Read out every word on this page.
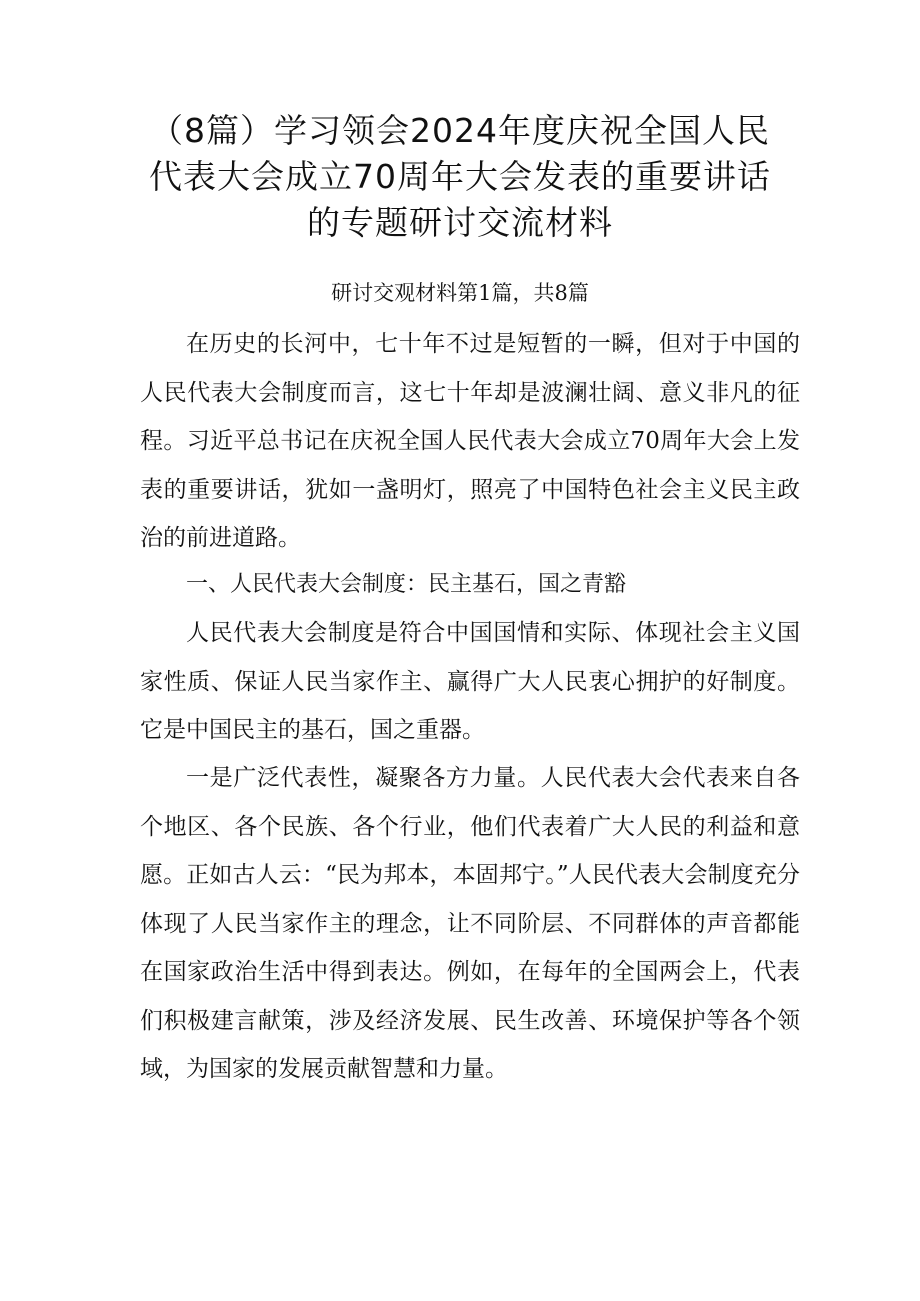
（8篇）学习领会2024年度庆祝全国人民
代表大会成立70周年大会发表的重要讲话
的专题研讨交流材料
研讨交观材料第1篇，共8篇

在历史的长河中，七十年不过是短暂的一瞬，但对于中国的人民代表大会制度而言，这七十年却是波澜壮阔、意义非凡的征程。习近平总书记在庆祝全国人民代表大会成立70周年大会上发表的重要讲话，犹如一盏明灯，照亮了中国特色社会主义民主政治的前进道路。

一、人民代表大会制度：民主基石，国之青豁

人民代表大会制度是符合中国国情和实际、体现社会主义国家性质、保证人民当家作主、赢得广大人民衷心拥护的好制度。它是中国民主的基石，国之重器。

一是广泛代表性，凝聚各方力量。人民代表大会代表来自各个地区、各个民族、各个行业，他们代表着广大人民的利益和意愿。正如古人云：“民为邦本，本固邦宁。”人民代表大会制度充分体现了人民当家作主的理念，让不同阶层、不同群体的声音都能在国家政治生活中得到表达。例如，在每年的全国两会上，代表们积极建言献策，涉及经济发展、民生改善、环境保护等各个领域，为国家的发展贡献智慧和力量。
